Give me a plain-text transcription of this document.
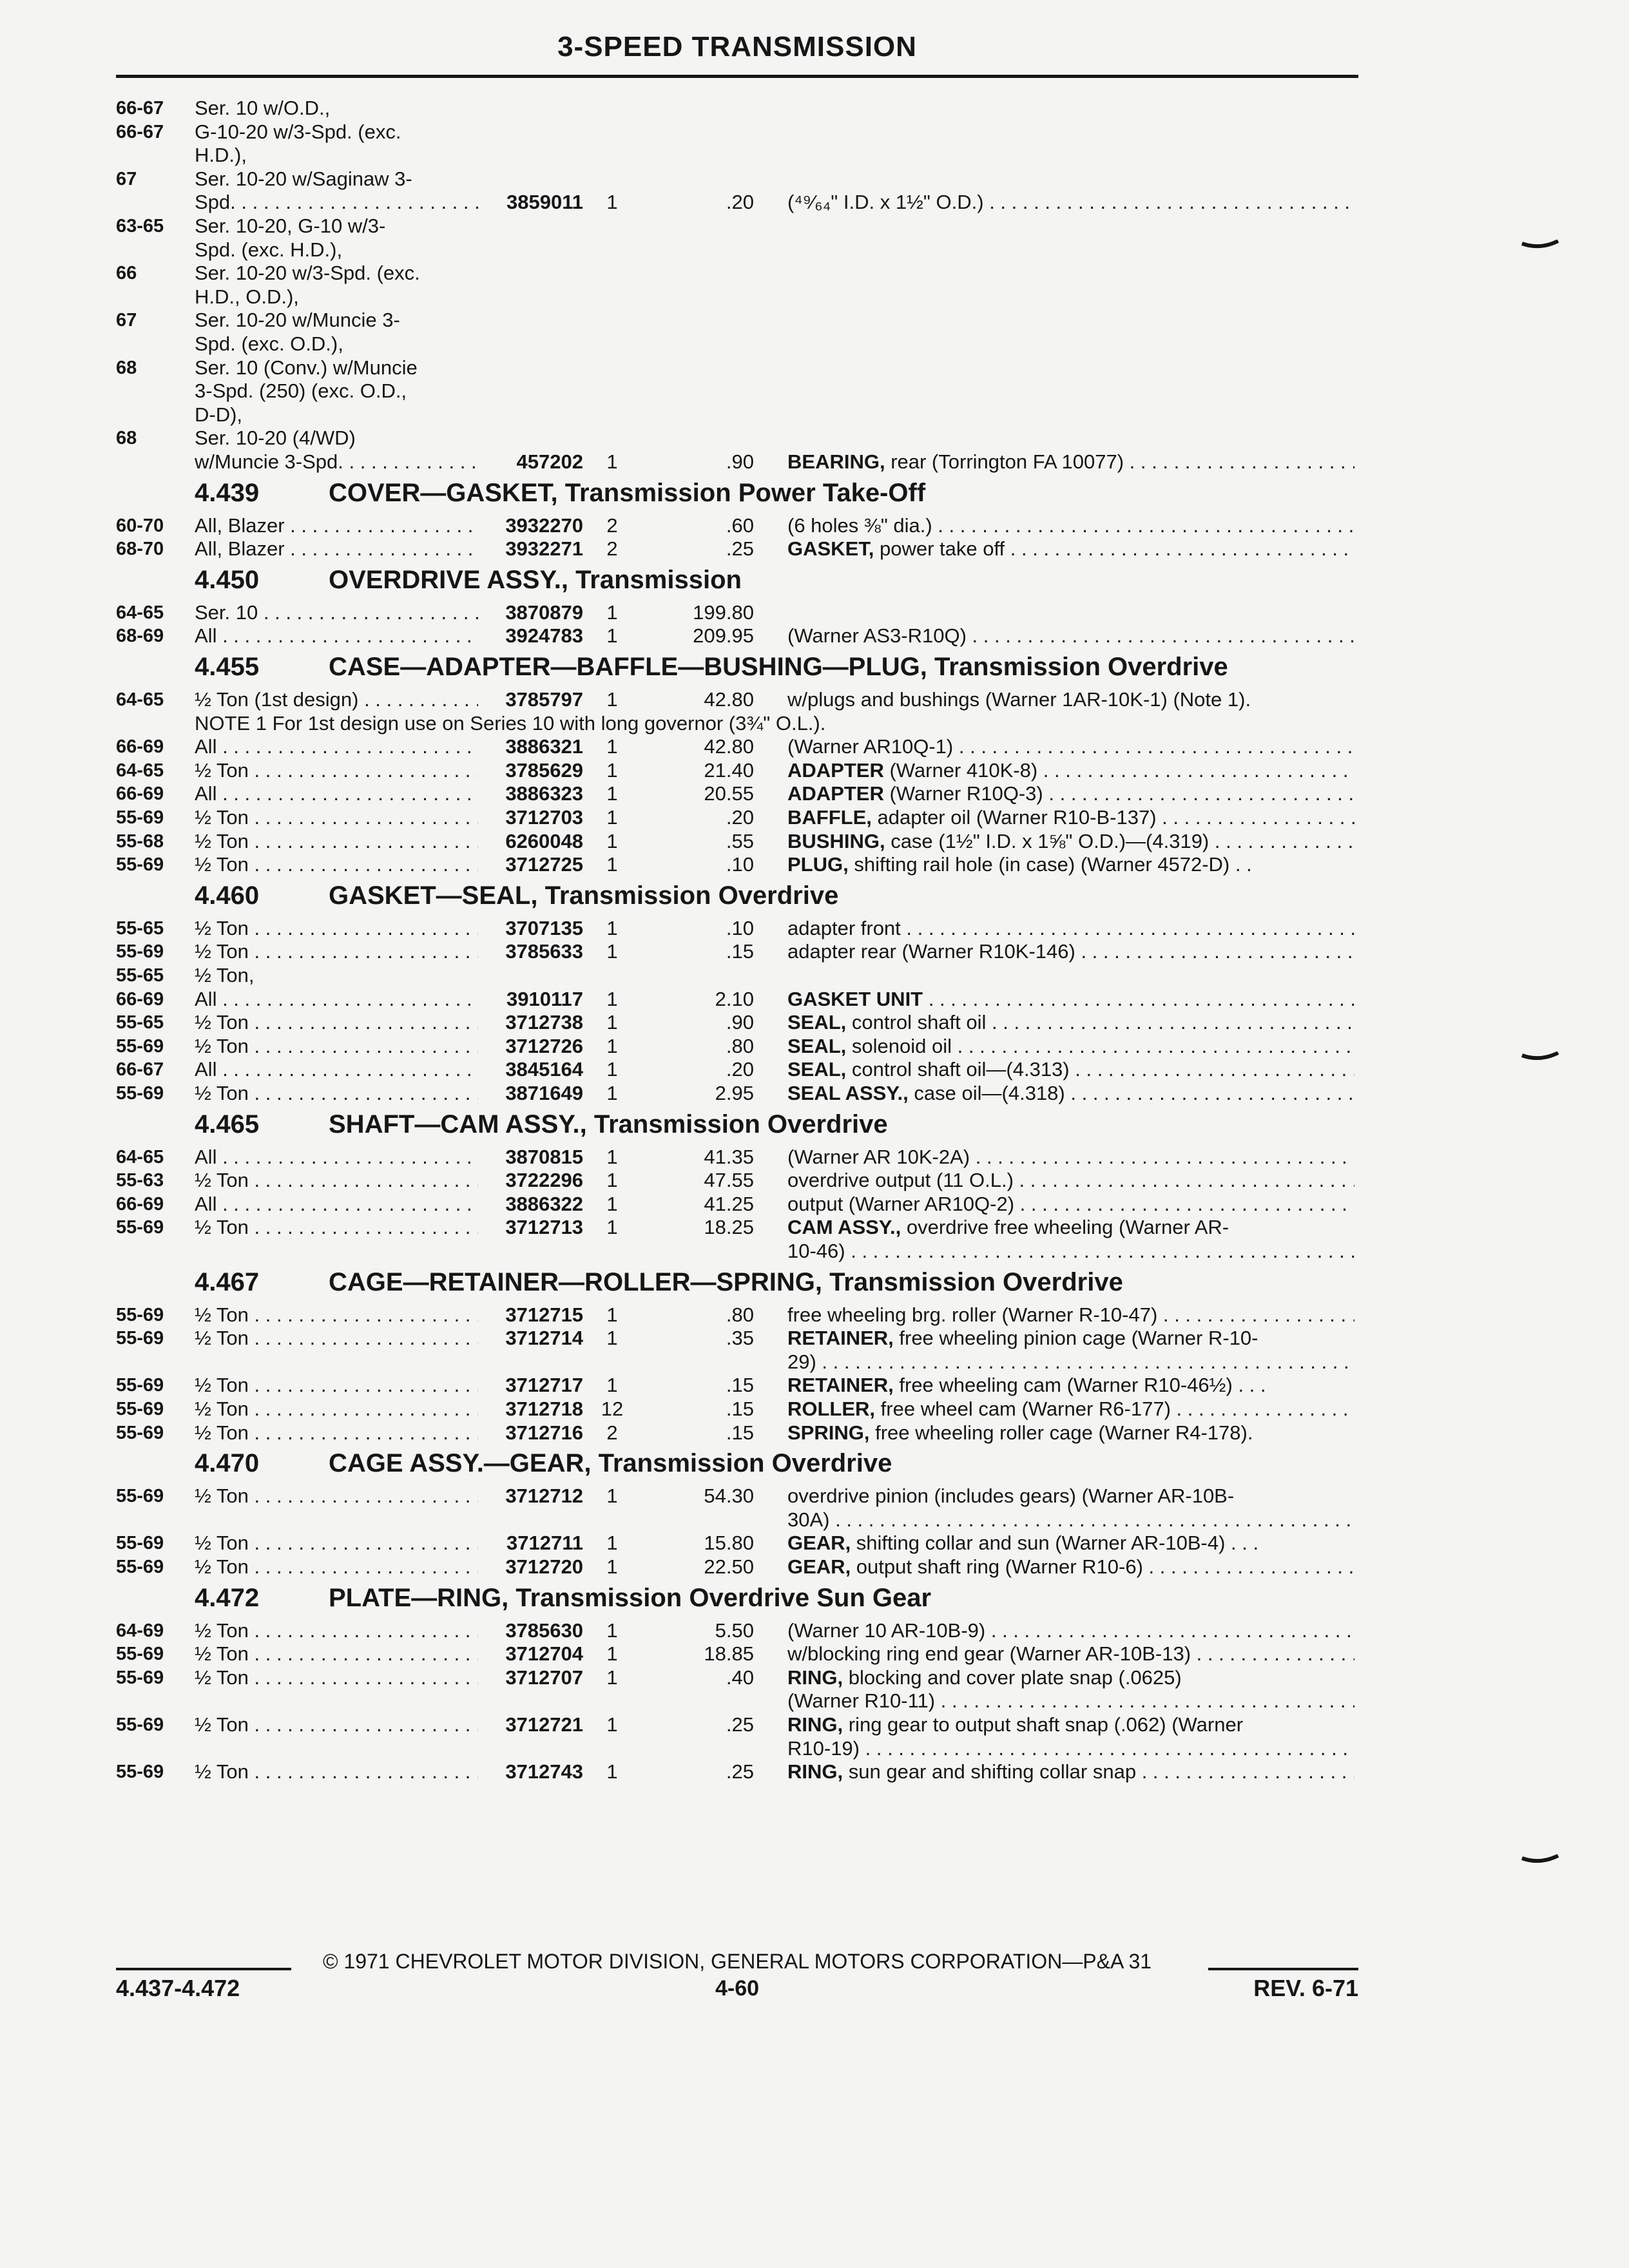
3-SPEED TRANSMISSION
66-67 Ser. 10 w/O.D.,
66-67 G-10-20 w/3-Spd. (exc.
H.D.),
67	Ser. 10-20 w/Saginaw 3-
Spd. . . .	3859011	1	.20 (⁴⁹⁄₆₄" I.D. x 1½" O.D.) . . .
63-65 Ser. 10-20, G-10 w/3-
Spd. (exc. H.D.),
66	Ser. 10-20 w/3-Spd. (exc.
H.D., O.D.),
67	Ser. 10-20 w/Muncie 3-
Spd. (exc. O.D.),
68	Ser. 10 (Conv.) w/Muncie
3-Spd. (250) (exc. O.D.,
D-D),
68	Ser. 10-20 (4/WD)
w/Muncie 3-Spd. . . .	457202	1	.90 BEARING, rear (Torrington FA 10077) . . .
4.439	COVER—GASKET, Transmission Power Take-Off
60-70 All, Blazer . . .	3932270	2	.60 (6 holes ⅜" dia.) . . .
68-70 All, Blazer . . .	3932271	2	.25 GASKET, power take off . . .
4.450	OVERDRIVE ASSY., Transmission
64-65 Ser. 10 . . .	3870879	1	199.80
68-69 All . . .	3924783	1	209.95 (Warner AS3-R10Q) . . .
4.455	CASE—ADAPTER—BAFFLE—BUSHING—PLUG, Transmission Overdrive
64-65 ½ Ton (1st design) . . .	3785797	1	42.80 w/plugs and bushings (Warner 1AR-10K-1) (Note 1).
NOTE 1 For 1st design use on Series 10 with long governor (3¾" O.L.).
66-69 All . . .	3886321	1	42.80 (Warner AR10Q-1) . . .
64-65 ½ Ton . . .	3785629	1	21.40 ADAPTER (Warner 410K-8) . . .
66-69 All . . .	3886323	1	20.55 ADAPTER (Warner R10Q-3) . . .
55-69 ½ Ton . . .	3712703	1	.20 BAFFLE, adapter oil (Warner R10-B-137) . . .
55-68 ½ Ton . . .	6260048	1	.55 BUSHING, case (1½" I.D. x 1⅝" O.D.)—(4.319) . . .
55-69 ½ Ton . . .	3712725	1	.10 PLUG, shifting rail hole (in case) (Warner 4572-D) . .
4.460	GASKET—SEAL, Transmission Overdrive
55-65 ½ Ton . . .	3707135	1	.10 adapter front . . .
55-69 ½ Ton . . .	3785633	1	.15 adapter rear (Warner R10K-146) . . .
55-65 ½ Ton,
66-69 All . . .	3910117	1	2.10 GASKET UNIT . . .
55-65 ½ Ton . . .	3712738	1	.90 SEAL, control shaft oil . . .
55-69 ½ Ton . . .	3712726	1	.80 SEAL, solenoid oil . . .
66-67 All . . .	3845164	1	.20 SEAL, control shaft oil—(4.313) . . .
55-69 ½ Ton . . .	3871649	1	2.95 SEAL ASSY., case oil—(4.318) . . .
4.465	SHAFT—CAM ASSY., Transmission Overdrive
64-65 All . . .	3870815	1	41.35 (Warner AR 10K-2A) . . .
55-63 ½ Ton . . .	3722296	1	47.55 overdrive output (11 O.L.) . . .
66-69 All . . .	3886322	1	41.25 output (Warner AR10Q-2) . . .
55-69 ½ Ton . . .	3712713	1	18.25 CAM ASSY., overdrive free wheeling (Warner AR-
10-46) . . .
4.467	CAGE—RETAINER—ROLLER—SPRING, Transmission Overdrive
55-69 ½ Ton . . .	3712715	1	.80 free wheeling brg. roller (Warner R-10-47) . . .
55-69 ½ Ton . . .	3712714	1	.35 RETAINER, free wheeling pinion cage (Warner R-10-
29) . . .
55-69 ½ Ton . . .	3712717	1	.15 RETAINER, free wheeling cam (Warner R10-46½) . . .
55-69 ½ Ton . . .	3712718 12	.15 ROLLER, free wheel cam (Warner R6-177) . . .
55-69 ½ Ton . . .	3712716	2	.15 SPRING, free wheeling roller cage (Warner R4-178).
4.470	CAGE ASSY.—GEAR, Transmission Overdrive
55-69 ½ Ton . . .	3712712	1	54.30 overdrive pinion (includes gears) (Warner AR-10B-
30A) . . .
55-69 ½ Ton . . .	3712711	1	15.80 GEAR, shifting collar and sun (Warner AR-10B-4) . . .
55-69 ½ Ton . . .	3712720	1	22.50 GEAR, output shaft ring (Warner R10-6) . . .
4.472	PLATE—RING, Transmission Overdrive Sun Gear
64-69 ½ Ton . . .	3785630	1	5.50 (Warner 10 AR-10B-9) . . .
55-69 ½ Ton . . .	3712704	1	18.85 w/blocking ring end gear (Warner AR-10B-13) . . .
55-69 ½ Ton . . .	3712707	1	.40 RING, blocking and cover plate snap (.0625)
(Warner R10-11) . . .
55-69 ½ Ton . . .	3712721	1	.25 RING, ring gear to output shaft snap (.062) (Warner
R10-19) . . .
55-69 ½ Ton . . .	3712743	1	.25 RING, sun gear and shifting collar snap . . .
© 1971 CHEVROLET MOTOR DIVISION, GENERAL MOTORS CORPORATION—P&A 31
4.437-4.472	4-60	REV. 6-71
